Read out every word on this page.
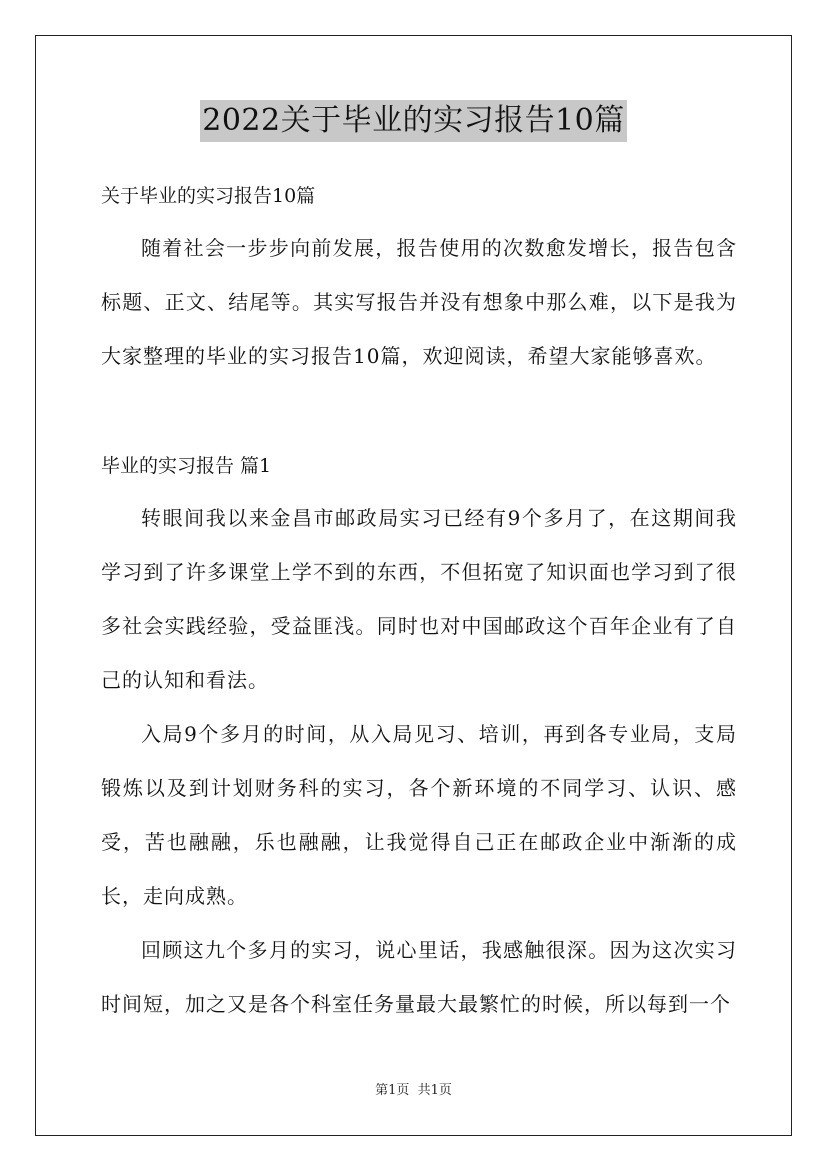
2022关于毕业的实习报告10篇
关于毕业的实习报告10篇

随着社会一步步向前发展，报告使用的次数愈发增长，报告包含标题、正文、结尾等。其实写报告并没有想象中那么难，以下是我为大家整理的毕业的实习报告10篇，欢迎阅读，希望大家能够喜欢。

毕业的实习报告 篇1

转眼间我以来金昌市邮政局实习已经有9个多月了，在这期间我学习到了许多课堂上学不到的东西，不但拓宽了知识面也学习到了很多社会实践经验，受益匪浅。同时也对中国邮政这个百年企业有了自己的认知和看法。

入局9个多月的时间，从入局见习、培训，再到各专业局，支局锻炼以及到计划财务科的实习，各个新环境的不同学习、认识、感受，苦也融融，乐也融融，让我觉得自己正在邮政企业中渐渐的成长，走向成熟。

回顾这九个多月的实习，说心里话，我感触很深。因为这次实习时间短，加之又是各个科室任务量最大最繁忙的时候，所以每到一个

第1页  共1页
